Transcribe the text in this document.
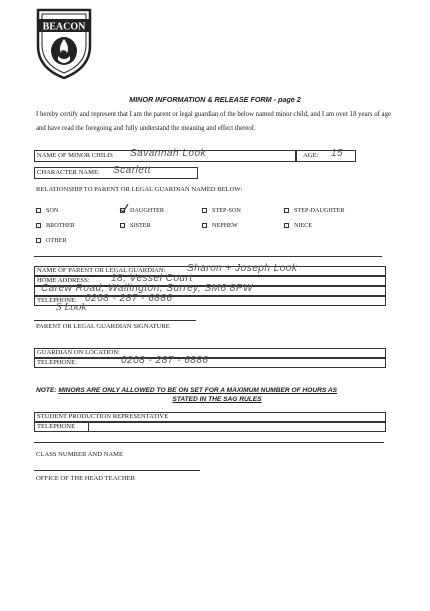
BEACON
MINOR INFORMATION & RELEASE FORM - page 2
I hereby certify and represent that I am the parent or legal guardian of the below named minor child, and I am over 18 years of age and have read the foregoing and fully understand the meaning and effect thereof.
NAME OF MINOR CHILD: Savannah Look	AGE: 15
CHARACTER NAME: Scarlett
RELATIONSHIP TO PARENT OR LEGAL GUARDIAN NAMED BELOW:
SON	DAUGHTER	STEP-SON	STEP-DAUGHTER
BROTHER	SISTER	NEPHEW	NIECE
OTHER
NAME OF PARENT OR LEGAL GUARDIAN: Sharon + Joseph Look
HOME ADDRESS: 18, Vessel Court
Carew Road, Wallington, Surrey, SM6 8PW
TELEPHONE: 0208 - 287 - 6886
S Look
PARENT OR LEGAL GUARDIAN SIGNATURE
GUARDIAN ON LOCATION:
TELEPHONE:	0208 - 287 - 6886
NOTE: MINORS ARE ONLY ALLOWED TO BE ON SET FOR A MAXIMUM NUMBER OF HOURS AS
STATED IN THE SAG RULES
STUDENT PRODUCTION REPRESENTATIVE
TELEPHONE
CLASS NUMBER AND NAME
OFFICE OF THE HEAD TEACHER
